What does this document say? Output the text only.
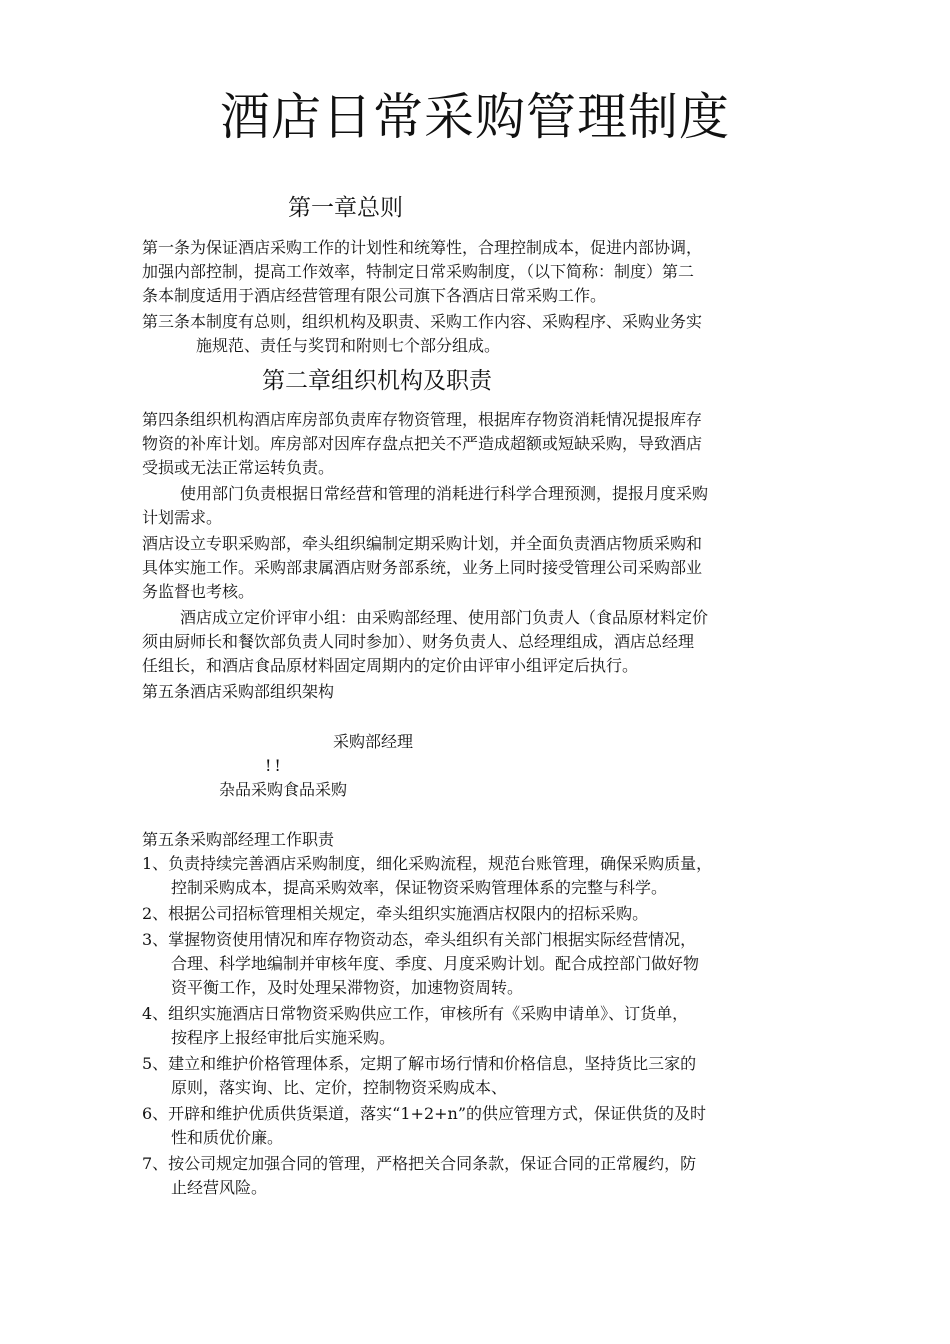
酒店日常采购管理制度
第一章总则
第一条为保证酒店采购工作的计划性和统筹性，合理控制成本，促进内部协调，
加强内部控制，提高工作效率，特制定日常采购制度，（以下简称：制度）第二
条本制度适用于酒店经营管理有限公司旗下各酒店日常采购工作。
第三条本制度有总则，组织机构及职责、采购工作内容、采购程序、采购业务实
施规范、责任与奖罚和附则七个部分组成。
第二章组织机构及职责
第四条组织机构酒店库房部负责库存物资管理，根据库存物资消耗情况提报库存
物资的补库计划。库房部对因库存盘点把关不严造成超额或短缺采购，导致酒店
受损或无法正常运转负责。
使用部门负责根据日常经营和管理的消耗进行科学合理预测，提报月度采购
计划需求。
酒店设立专职采购部，牵头组织编制定期采购计划，并全面负责酒店物质采购和
具体实施工作。采购部隶属酒店财务部系统，业务上同时接受管理公司采购部业
务监督也考核。
酒店成立定价评审小组：由采购部经理、使用部门负责人（食品原材料定价
须由厨师长和餐饮部负责人同时参加）、财务负责人、总经理组成，酒店总经理
任组长，和酒店食品原材料固定周期内的定价由评审小组评定后执行。
第五条酒店采购部组织架构
采购部经理
!!
杂品采购食品采购
第五条采购部经理工作职责
1、负责持续完善酒店采购制度，细化采购流程，规范台账管理，确保采购质量，
控制采购成本，提高采购效率，保证物资采购管理体系的完整与科学。
2、根据公司招标管理相关规定，牵头组织实施酒店权限内的招标采购。
3、掌握物资使用情况和库存物资动态，牵头组织有关部门根据实际经营情况，
合理、科学地编制并审核年度、季度、月度采购计划。配合成控部门做好物
资平衡工作，及时处理呆滞物资，加速物资周转。
4、组织实施酒店日常物资采购供应工作，审核所有《采购申请单》、订货单，
按程序上报经审批后实施采购。
5、建立和维护价格管理体系，定期了解市场行情和价格信息，坚持货比三家的
原则，落实询、比、定价，控制物资采购成本、
6、开辟和维护优质供货渠道，落实“1+2+n”的供应管理方式，保证供货的及时
性和质优价廉。
7、按公司规定加强合同的管理，严格把关合同条款，保证合同的正常履约，防
止经营风险。
